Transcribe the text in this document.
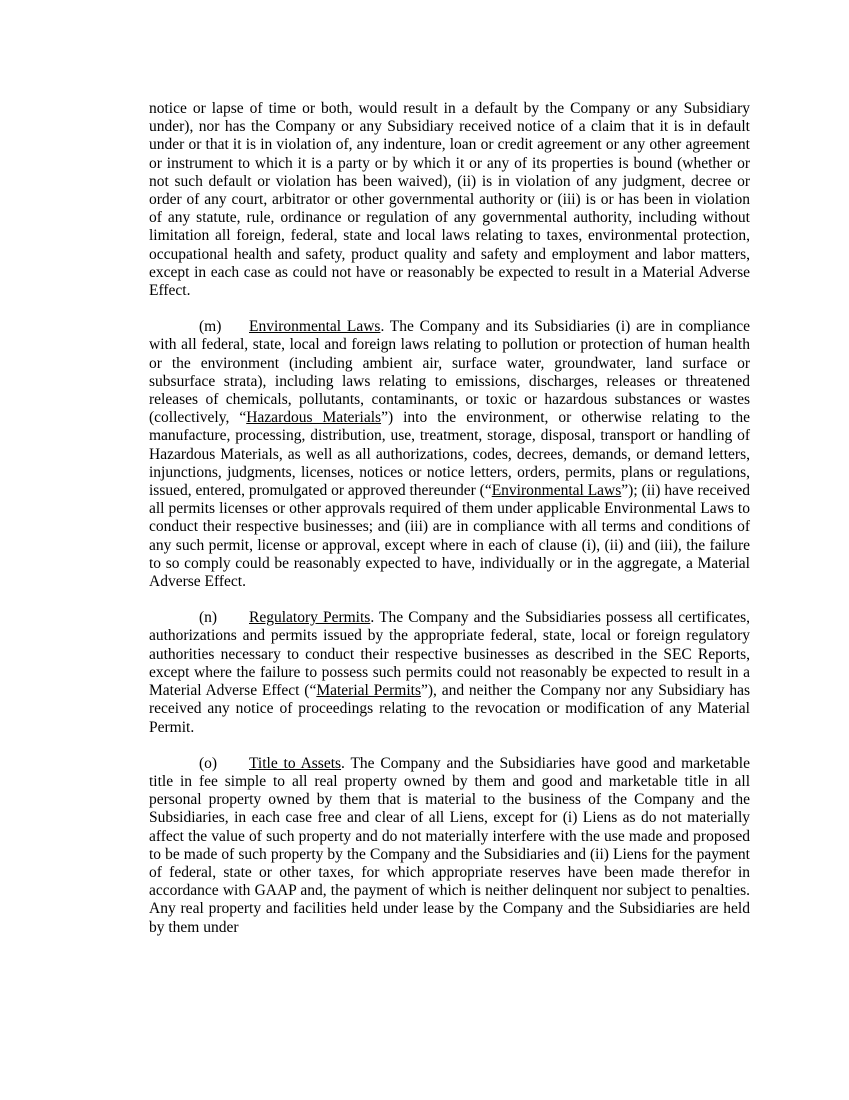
notice or lapse of time or both, would result in a default by the Company or any Subsidiary under), nor has the Company or any Subsidiary received notice of a claim that it is in default under or that it is in violation of, any indenture, loan or credit agreement or any other agreement or instrument to which it is a party or by which it or any of its properties is bound (whether or not such default or violation has been waived), (ii) is in violation of any judgment, decree or order of any court, arbitrator or other governmental authority or (iii) is or has been in violation of any statute, rule, ordinance or regulation of any governmental authority, including without limitation all foreign, federal, state and local laws relating to taxes, environmental protection, occupational health and safety, product quality and safety and employment and labor matters, except in each case as could not have or reasonably be expected to result in a Material Adverse Effect.

(m) Environmental Laws. The Company and its Subsidiaries (i) are in compliance with all federal, state, local and foreign laws relating to pollution or protection of human health or the environment (including ambient air, surface water, groundwater, land surface or subsurface strata), including laws relating to emissions, discharges, releases or threatened releases of chemicals, pollutants, contaminants, or toxic or hazardous substances or wastes (collectively, “Hazardous Materials”) into the environment, or otherwise relating to the manufacture, processing, distribution, use, treatment, storage, disposal, transport or handling of Hazardous Materials, as well as all authorizations, codes, decrees, demands, or demand letters, injunctions, judgments, licenses, notices or notice letters, orders, permits, plans or regulations, issued, entered, promulgated or approved thereunder (“Environmental Laws”); (ii) have received all permits licenses or other approvals required of them under applicable Environmental Laws to conduct their respective businesses; and (iii) are in compliance with all terms and conditions of any such permit, license or approval, except where in each of clause (i), (ii) and (iii), the failure to so comply could be reasonably expected to have, individually or in the aggregate, a Material Adverse Effect.

(n) Regulatory Permits. The Company and the Subsidiaries possess all certificates, authorizations and permits issued by the appropriate federal, state, local or foreign regulatory authorities necessary to conduct their respective businesses as described in the SEC Reports, except where the failure to possess such permits could not reasonably be expected to result in a Material Adverse Effect (“Material Permits”), and neither the Company nor any Subsidiary has received any notice of proceedings relating to the revocation or modification of any Material Permit.

(o) Title to Assets. The Company and the Subsidiaries have good and marketable title in fee simple to all real property owned by them and good and marketable title in all personal property owned by them that is material to the business of the Company and the Subsidiaries, in each case free and clear of all Liens, except for (i) Liens as do not materially affect the value of such property and do not materially interfere with the use made and proposed to be made of such property by the Company and the Subsidiaries and (ii) Liens for the payment of federal, state or other taxes, for which appropriate reserves have been made therefor in accordance with GAAP and, the payment of which is neither delinquent nor subject to penalties. Any real property and facilities held under lease by the Company and the Subsidiaries are held by them under
